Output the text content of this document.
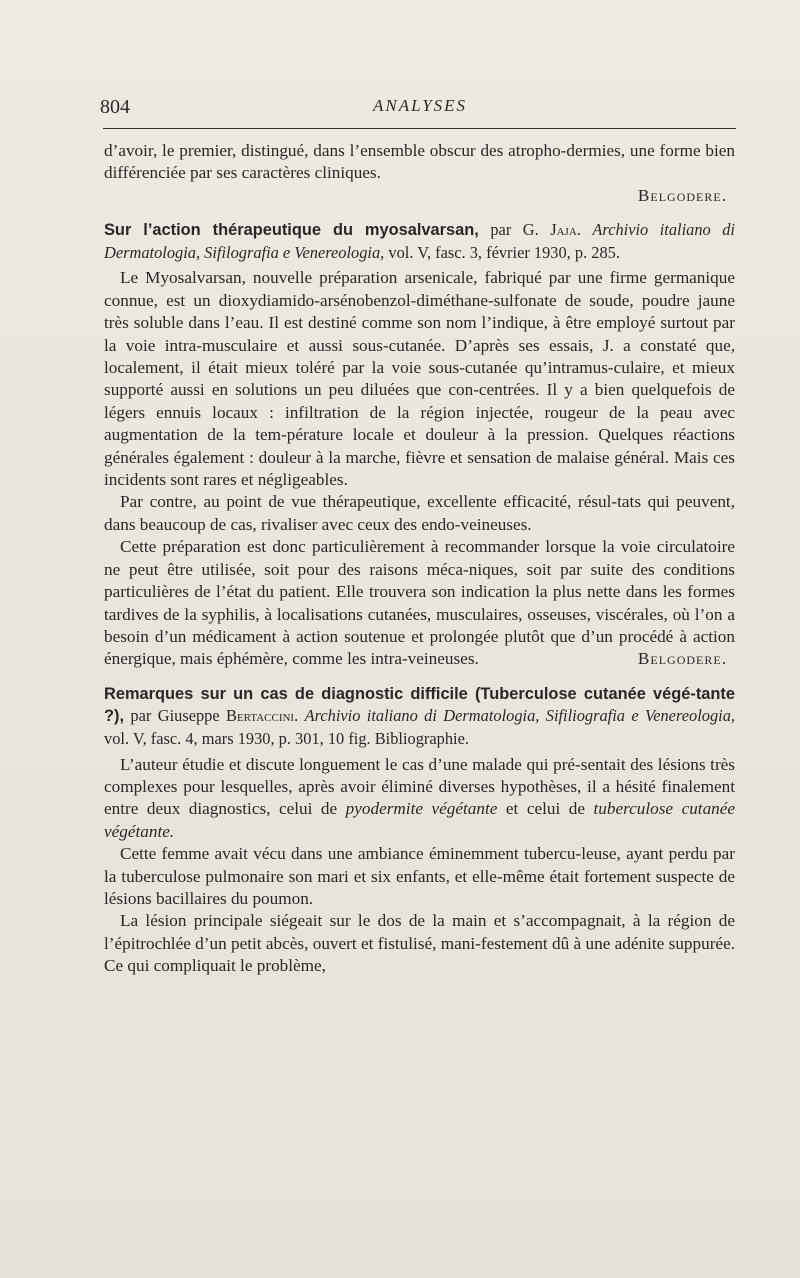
804	ANALYSES

d’avoir, le premier, distingué, dans l’ensemble obscur des atropho-dermies, une forme bien différenciée par ses caractères cliniques.

Belgodere.

Sur l’action thérapeutique du myosalvarsan, par G. Jaja. Archivio italiano di Dermatologia, Sifilografia e Venereologia, vol. V, fasc. 3, février 1930, p. 285.

Le Myosalvarsan, nouvelle préparation arsenicale, fabriqué par une firme germanique connue, est un dioxydiamido-arsénobenzol-diméthane-sulfonate de soude, poudre jaune très soluble dans l’eau. Il est destiné comme son nom l’indique, à être employé surtout par la voie intra-musculaire et aussi sous-cutanée. D’après ses essais, J. a constaté que, localement, il était mieux toléré par la voie sous-cutanée qu’intramus-culaire, et mieux supporté aussi en solutions un peu diluées que con-centrées. Il y a bien quelquefois de légers ennuis locaux : infiltration de la région injectée, rougeur de la peau avec augmentation de la tem-pérature locale et douleur à la pression. Quelques réactions générales également : douleur à la marche, fièvre et sensation de malaise général. Mais ces incidents sont rares et négligeables.

Par contre, au point de vue thérapeutique, excellente efficacité, résul-tats qui peuvent, dans beaucoup de cas, rivaliser avec ceux des endo-veineuses.

Cette préparation est donc particulièrement à recommander lorsque la voie circulatoire ne peut être utilisée, soit pour des raisons méca-niques, soit par suite des conditions particulières de l’état du patient. Elle trouvera son indication la plus nette dans les formes tardives de la syphilis, à localisations cutanées, musculaires, osseuses, viscérales, où l’on a besoin d’un médicament à action soutenue et prolongée plutôt que d’un procédé à action énergique, mais éphémère, comme les intra-veineuses.	Belgodere.

Remarques sur un cas de diagnostic difficile (Tuberculose cutanée végé-tante ?), par Giuseppe Bertaccini. Archivio italiano di Dermatologia, Sifiliografia e Venereologia, vol. V, fasc. 4, mars 1930, p. 301, 10 fig. Bibliographie.

L’auteur étudie et discute longuement le cas d’une malade qui pré-sentait des lésions très complexes pour lesquelles, après avoir éliminé diverses hypothèses, il a hésité finalement entre deux diagnostics, celui de pyodermite végétante et celui de tuberculose cutanée végétante.

Cette femme avait vécu dans une ambiance éminemment tubercu-leuse, ayant perdu par la tuberculose pulmonaire son mari et six enfants, et elle-même était fortement suspecte de lésions bacillaires du poumon.

La lésion principale siégeait sur le dos de la main et s’accompagnait, à la région de l’épitrochlée d’un petit abcès, ouvert et fistulisé, mani-festement dû à une adénite suppurée. Ce qui compliquait le problème,
